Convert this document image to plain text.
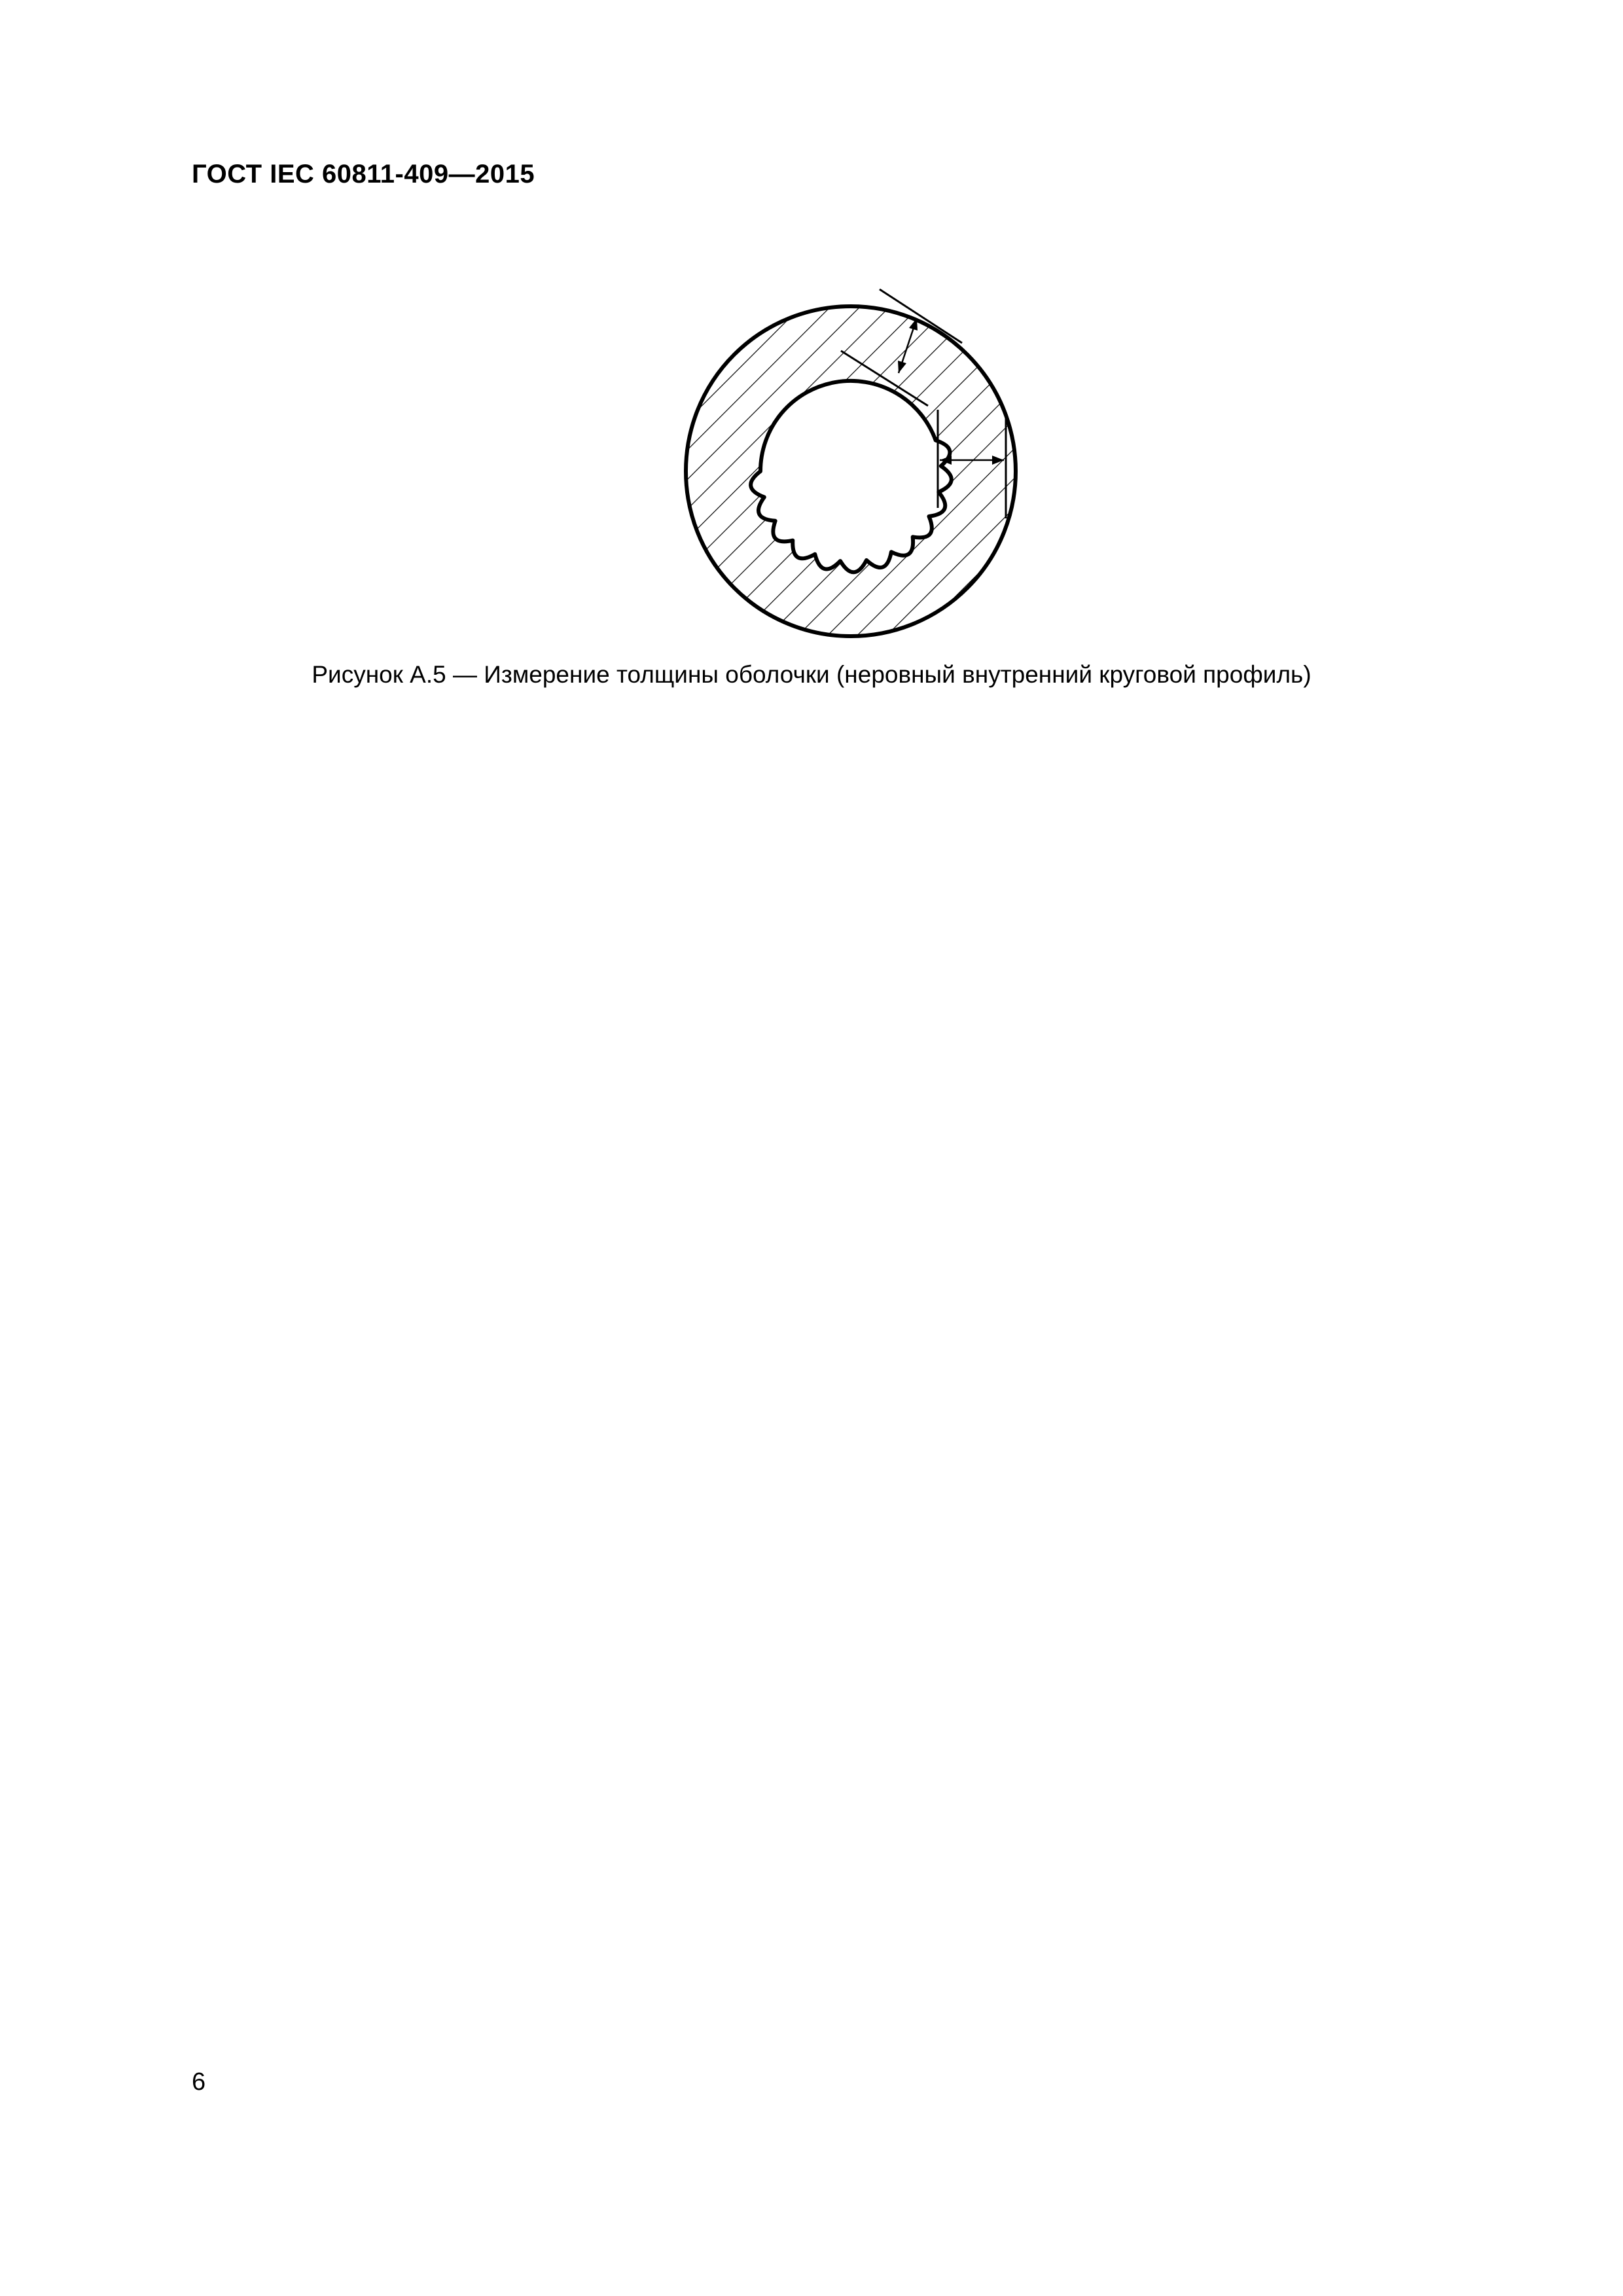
ГОСТ IEC 60811-409—2015
Рисунок А.5 — Измерение толщины оболочки (неровный внутренний круговой профиль)
6
